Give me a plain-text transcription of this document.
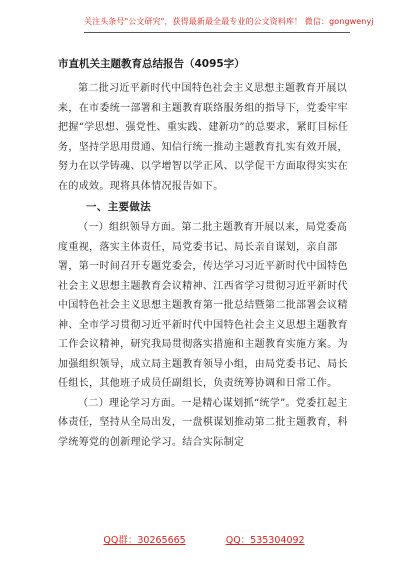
关注头条号"公文研究"，获得最新最全最专业的公文资料库！ 微信：gongwenyj
市直机关主题教育总结报告（4095字）

第二批习近平新时代中国特色社会主义思想主题教育开展以来，在市委统一部署和主题教育联络服务组的指导下，党委牢牢把握“学思想、强党性、重实践、建新功”的总要求，紧盯目标任务，坚持学思用贯通、知信行统一推动主题教育扎实有效开展，努力在以学铸魂、以学增智以学正风、以学促干方面取得实实在在的成效。现将具体情况报告如下。

一、主要做法

（一）组织领导方面。第二批主题教育开展以来，局党委高度重视，落实主体责任，局党委书记、局长亲自谋划，亲自部署，第一时间召开专题党委会，传达学习习近平新时代中国特色社会主义思想主题教育会议精神、江西省学习贯彻习近平新时代中国特色社会主义思想主题教育第一批总结暨第二批部署会议精神、全市学习贯彻习近平新时代中国特色社会主义思想主题教育工作会议精神，研究我局贯彻落实措施和主题教育实施方案。为加强组织领导，成立局主题教育领导小组，由局党委书记、局长任组长，其他班子成员任副组长，负责统筹协调和日常工作。

（二）理论学习方面。一是精心谋划抓“统学”。党委扛起主体责任，坚持从全局出发，一盘棋谋划推动第二批主题教育，科学统筹党的创新理论学习。结合实际制定

QQ群：30265665	QQ：535304092
